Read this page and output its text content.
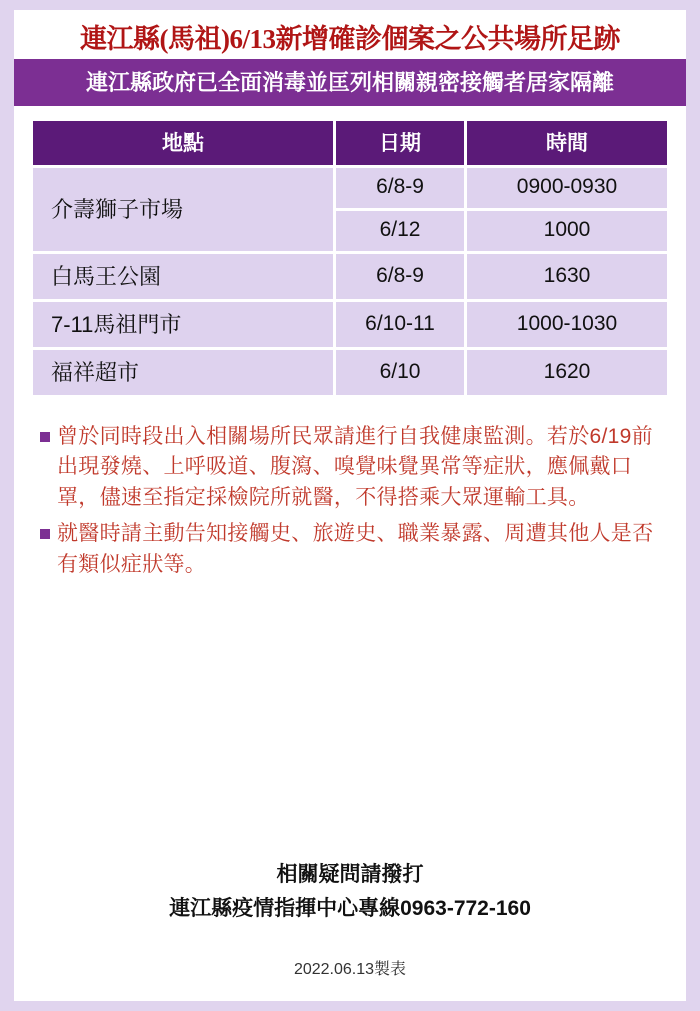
連江縣(馬祖)6/13新增確診個案之公共場所足跡
連江縣政府已全面消毒並匡列相關親密接觸者居家隔離
地點	日期	時間
介壽獅子市場	6/8-9	0900-0930
	6/12	1000
白馬王公園	6/8-9	1630
7-11馬祖門市	6/10-11	1000-1030
福祥超市	6/10	1620
曾於同時段出入相關場所民眾請進行自我健康監測。若於6/19前出現發燒、上呼吸道、腹瀉、嗅覺味覺異常等症狀，應佩戴口罩，儘速至指定採檢院所就醫，不得搭乘大眾運輸工具。
就醫時請主動告知接觸史、旅遊史、職業暴露、周遭其他人是否有類似症狀等。
相關疑問請撥打
連江縣疫情指揮中心專線0963-772-160
2022.06.13製表
